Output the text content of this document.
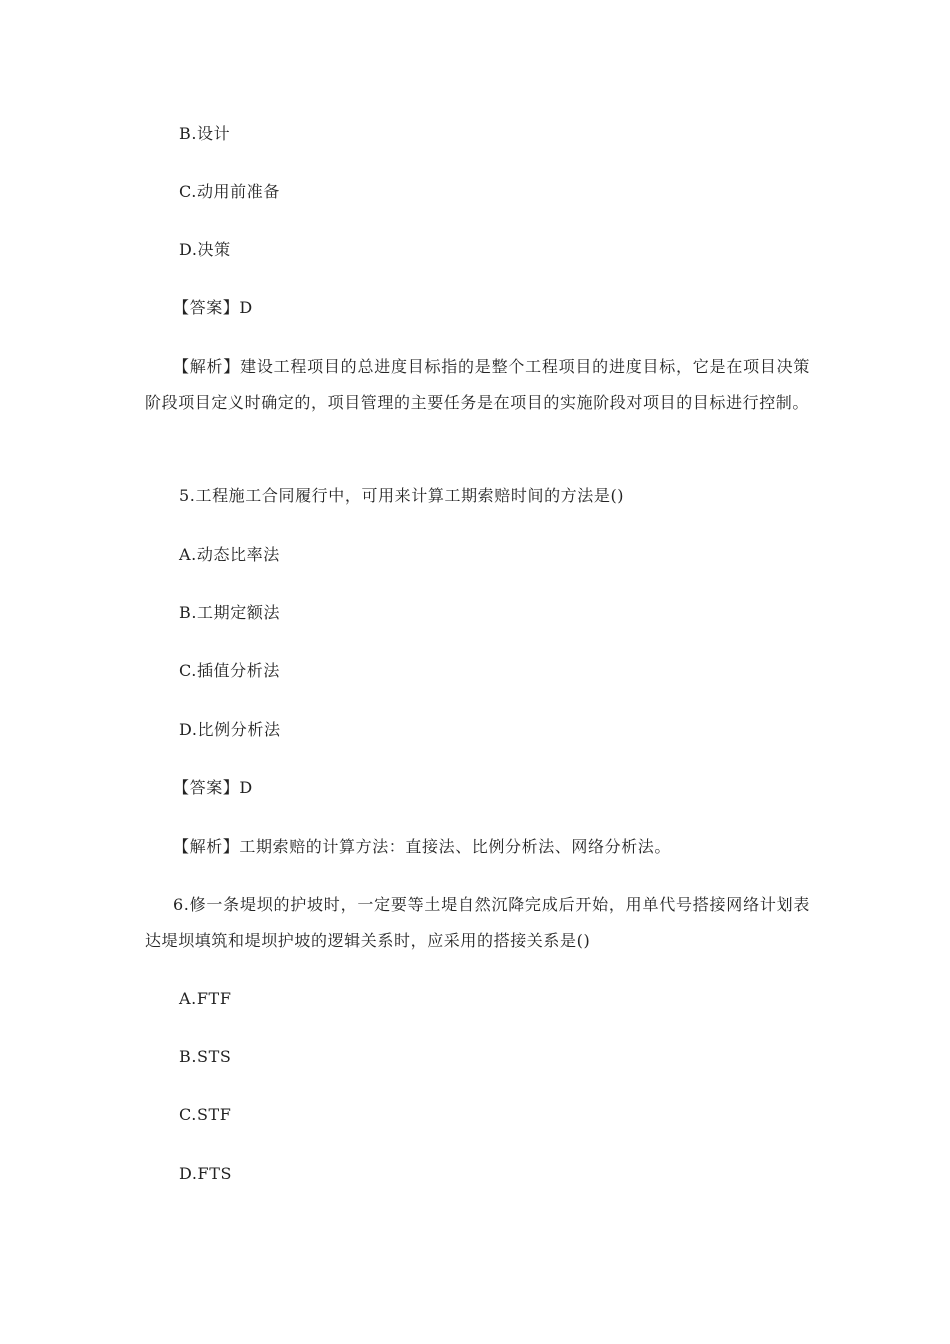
B.设计
C.动用前准备
D.决策
【答案】D
【解析】建设工程项目的总进度目标指的是整个工程项目的进度目标，它是在项目决策阶段项目定义时确定的，项目管理的主要任务是在项目的实施阶段对项目的目标进行控制。
5.工程施工合同履行中，可用来计算工期索赔时间的方法是()
A.动态比率法
B.工期定额法
C.插值分析法
D.比例分析法
【答案】D
【解析】工期索赔的计算方法：直接法、比例分析法、网络分析法。
6.修一条堤坝的护坡时，一定要等土堤自然沉降完成后开始，用单代号搭接网络计划表达堤坝填筑和堤坝护坡的逻辑关系时，应采用的搭接关系是()
A.FTF
B.STS
C.STF
D.FTS
